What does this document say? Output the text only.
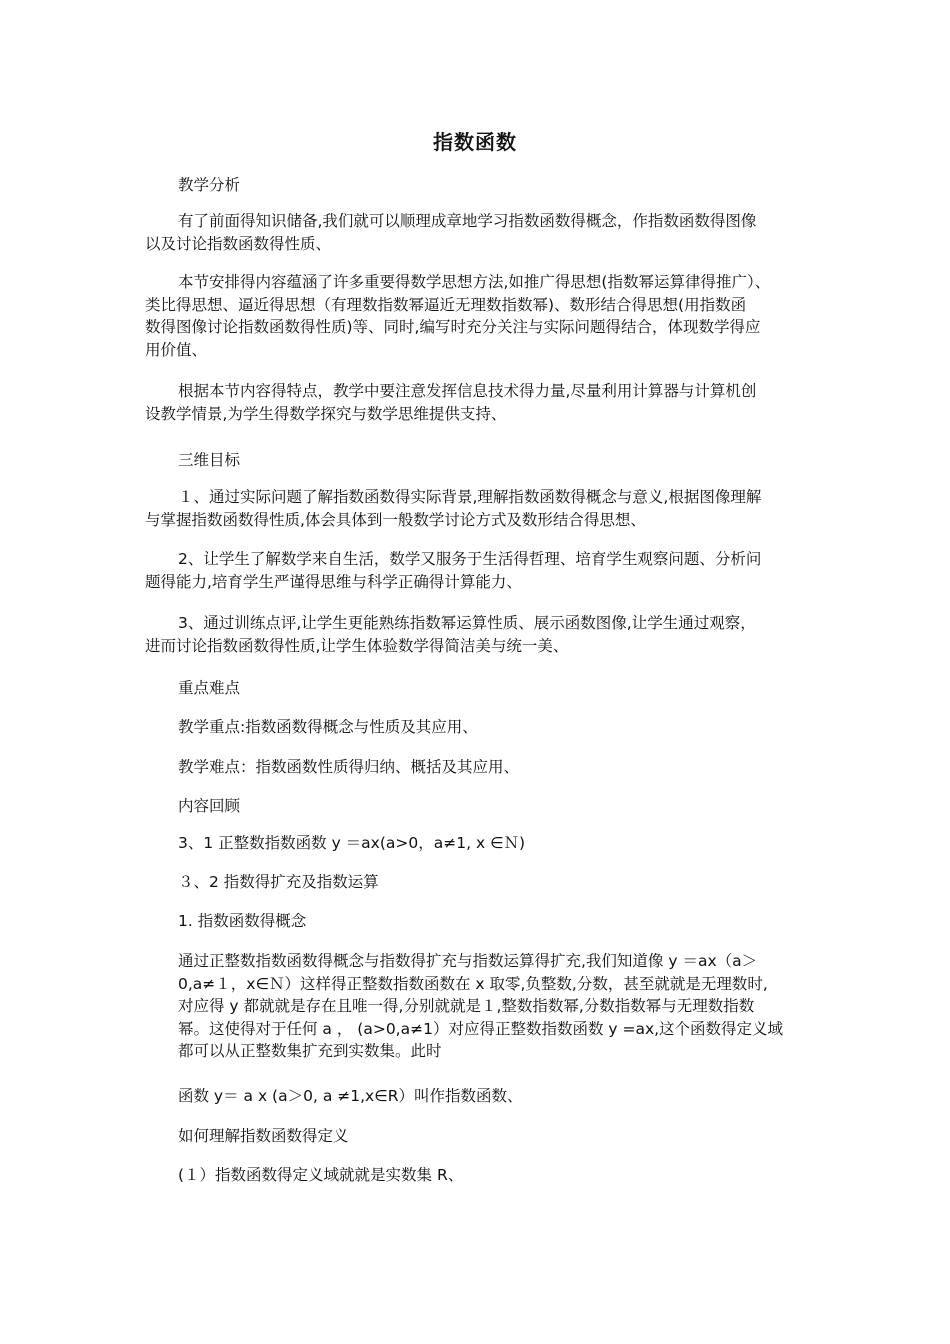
指数函数

教学分析

有了前面得知识储备,我们就可以顺理成章地学习指数函数得概念，作指数函数得图像
以及讨论指数函数得性质、

本节安排得内容蕴涵了许多重要得数学思想方法,如推广得思想(指数幂运算律得推广）、
类比得思想、逼近得思想（有理数指数幂逼近无理数指数幂)、数形结合得思想(用指数函
数得图像讨论指数函数得性质)等、同时,编写时充分关注与实际问题得结合，体现数学得应
用价值、

根据本节内容得特点，教学中要注意发挥信息技术得力量,尽量利用计算器与计算机创
设教学情景,为学生得数学探究与数学思维提供支持、

三维目标

１、通过实际问题了解指数函数得实际背景,理解指数函数得概念与意义,根据图像理解
与掌握指数函数得性质,体会具体到一般数学讨论方式及数形结合得思想、

2、让学生了解数学来自生活，数学又服务于生活得哲理、培育学生观察问题、分析问
题得能力,培育学生严谨得思维与科学正确得计算能力、

3、通过训练点评,让学生更能熟练指数幂运算性质、展示函数图像,让学生通过观察，
进而讨论指数函数得性质,让学生体验数学得简洁美与统一美、

重点难点

教学重点:指数函数得概念与性质及其应用、

教学难点：指数函数性质得归纳、概括及其应用、

内容回顾

3、1 正整数指数函数 y ＝ax(a>0，a≠1, x ∈Ｎ)

３、2 指数得扩充及指数运算

1. 指数函数得概念

通过正整数指数函数得概念与指数得扩充与指数运算得扩充,我们知道像 y ＝ax（a＞
0,a≠１，x∈Ｎ）这样得正整数指数函数在 x 取零,负整数,分数，甚至就就是无理数时,
对应得 y 都就就是存在且唯一得,分别就就是１,整数指数幂,分数指数幂与无理数指数
幂。这使得对于任何 a ， (a>0,a≠1）对应得正整数指数函数 y =ax,这个函数得定义域
都可以从正整数集扩充到实数集。此时

函数 y＝ a x (a＞0, a ≠1,x∈R）叫作指数函数、

如何理解指数函数得定义

(１）指数函数得定义域就就是实数集 R、
